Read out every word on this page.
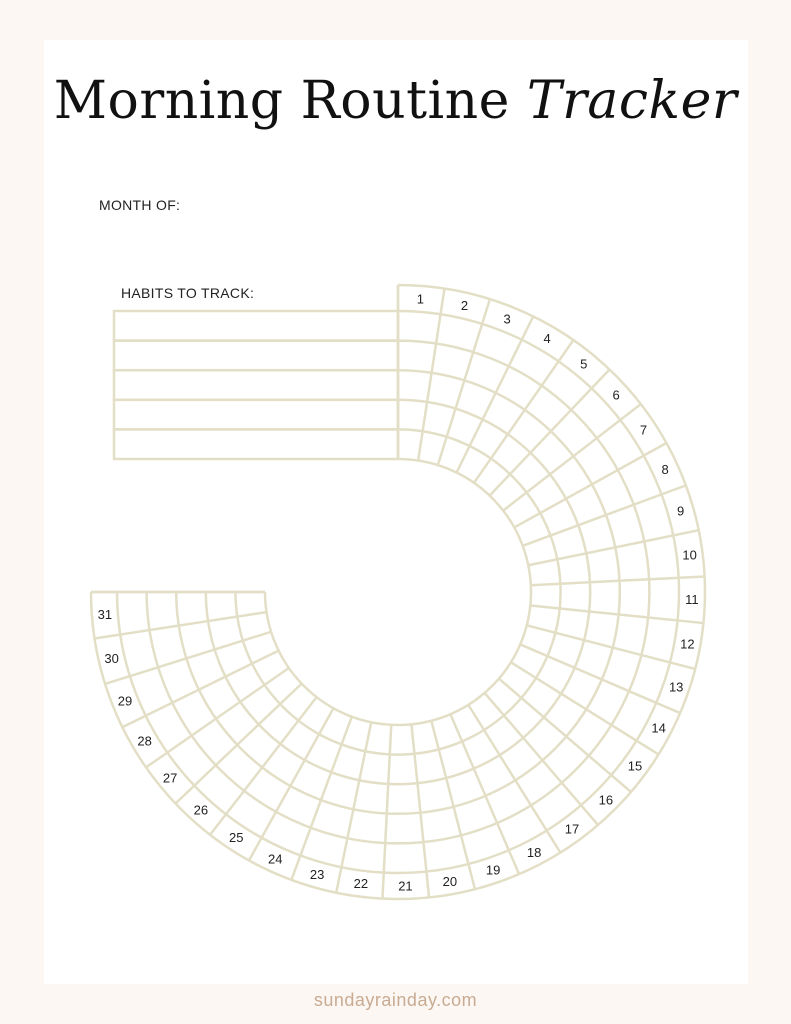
Morning Routine Tracker
MONTH OF:
HABITS TO TRACK:	1	2
3
4
5
6
7
8
9
10
11
12
13
14
15
16
17
18
19
20
21
22
23
24
25
26
27
28
29
30
31
sundayrainday.com
